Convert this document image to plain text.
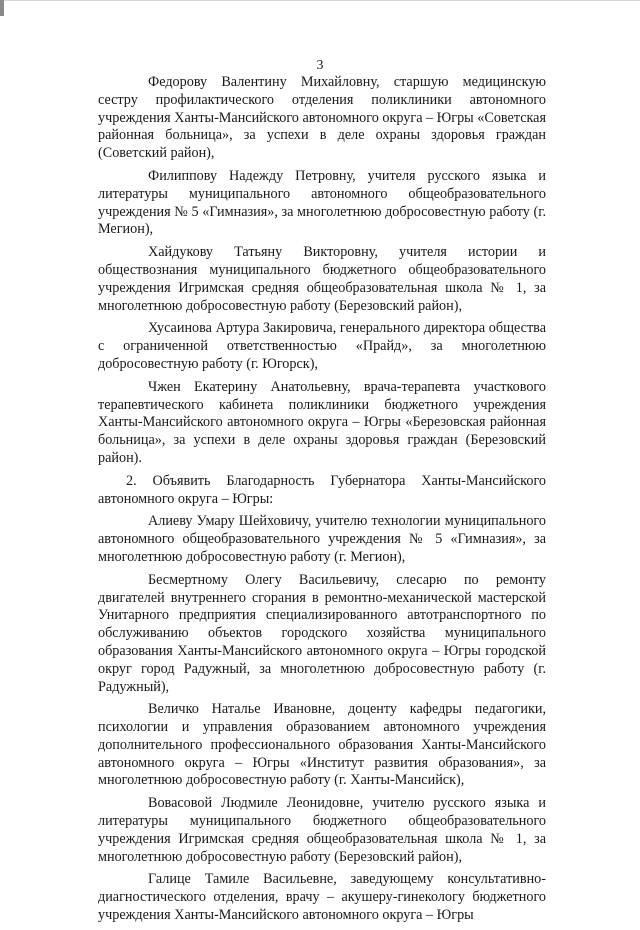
3

Федорову Валентину Михайловну, старшую медицинскую сестру профилактического отделения поликлиники автономного учреждения Ханты-Мансийского автономного округа – Югры «Советская районная больница», за успехи в деле охраны здоровья граждан (Советский район),

Филиппову Надежду Петровну, учителя русского языка и литературы муниципального автономного общеобразовательного учреждения № 5 «Гимназия», за многолетнюю добросовестную работу (г. Мегион),

Хайдукову Татьяну Викторовну, учителя истории и обществознания муниципального бюджетного общеобразовательного учреждения Игримская средняя общеобразовательная школа № 1, за многолетнюю добросовестную работу (Березовский район),

Хусаинова Артура Закировича, генерального директора общества с ограниченной ответственностью «Прайд», за многолетнюю добросовестную работу (г. Югорск),

Чжен Екатерину Анатольевну, врача-терапевта участкового терапевтического кабинета поликлиники бюджетного учреждения Ханты-Мансийского автономного округа – Югры «Березовская районная больница», за успехи в деле охраны здоровья граждан (Березовский район).

2. Объявить Благодарность Губернатора Ханты-Мансийского автономного округа – Югры:

Алиеву Умару Шейховичу, учителю технологии муниципального автономного общеобразовательного учреждения № 5 «Гимназия», за многолетнюю добросовестную работу (г. Мегион),

Бесмертному Олегу Васильевичу, слесарю по ремонту двигателей внутреннего сгорания в ремонтно-механической мастерской Унитарного предприятия специализированного автотранспортного по обслуживанию объектов городского хозяйства муниципального образования Ханты-Мансийского автономного округа – Югры городской округ город Радужный, за многолетнюю добросовестную работу (г. Радужный),

Величко Наталье Ивановне, доценту кафедры педагогики, психологии и управления образованием автономного учреждения дополнительного профессионального образования Ханты-Мансийского автономного округа – Югры «Институт развития образования», за многолетнюю добросовестную работу (г. Ханты-Мансийск),

Вовасовой Людмиле Леонидовне, учителю русского языка и литературы муниципального бюджетного общеобразовательного учреждения Игримская средняя общеобразовательная школа № 1, за многолетнюю добросовестную работу (Березовский район),

Галице Тамиле Васильевне, заведующему консультативно-диагностического отделения, врачу – акушеру-гинекологу бюджетного учреждения Ханты-Мансийского автономного округа – Югры
